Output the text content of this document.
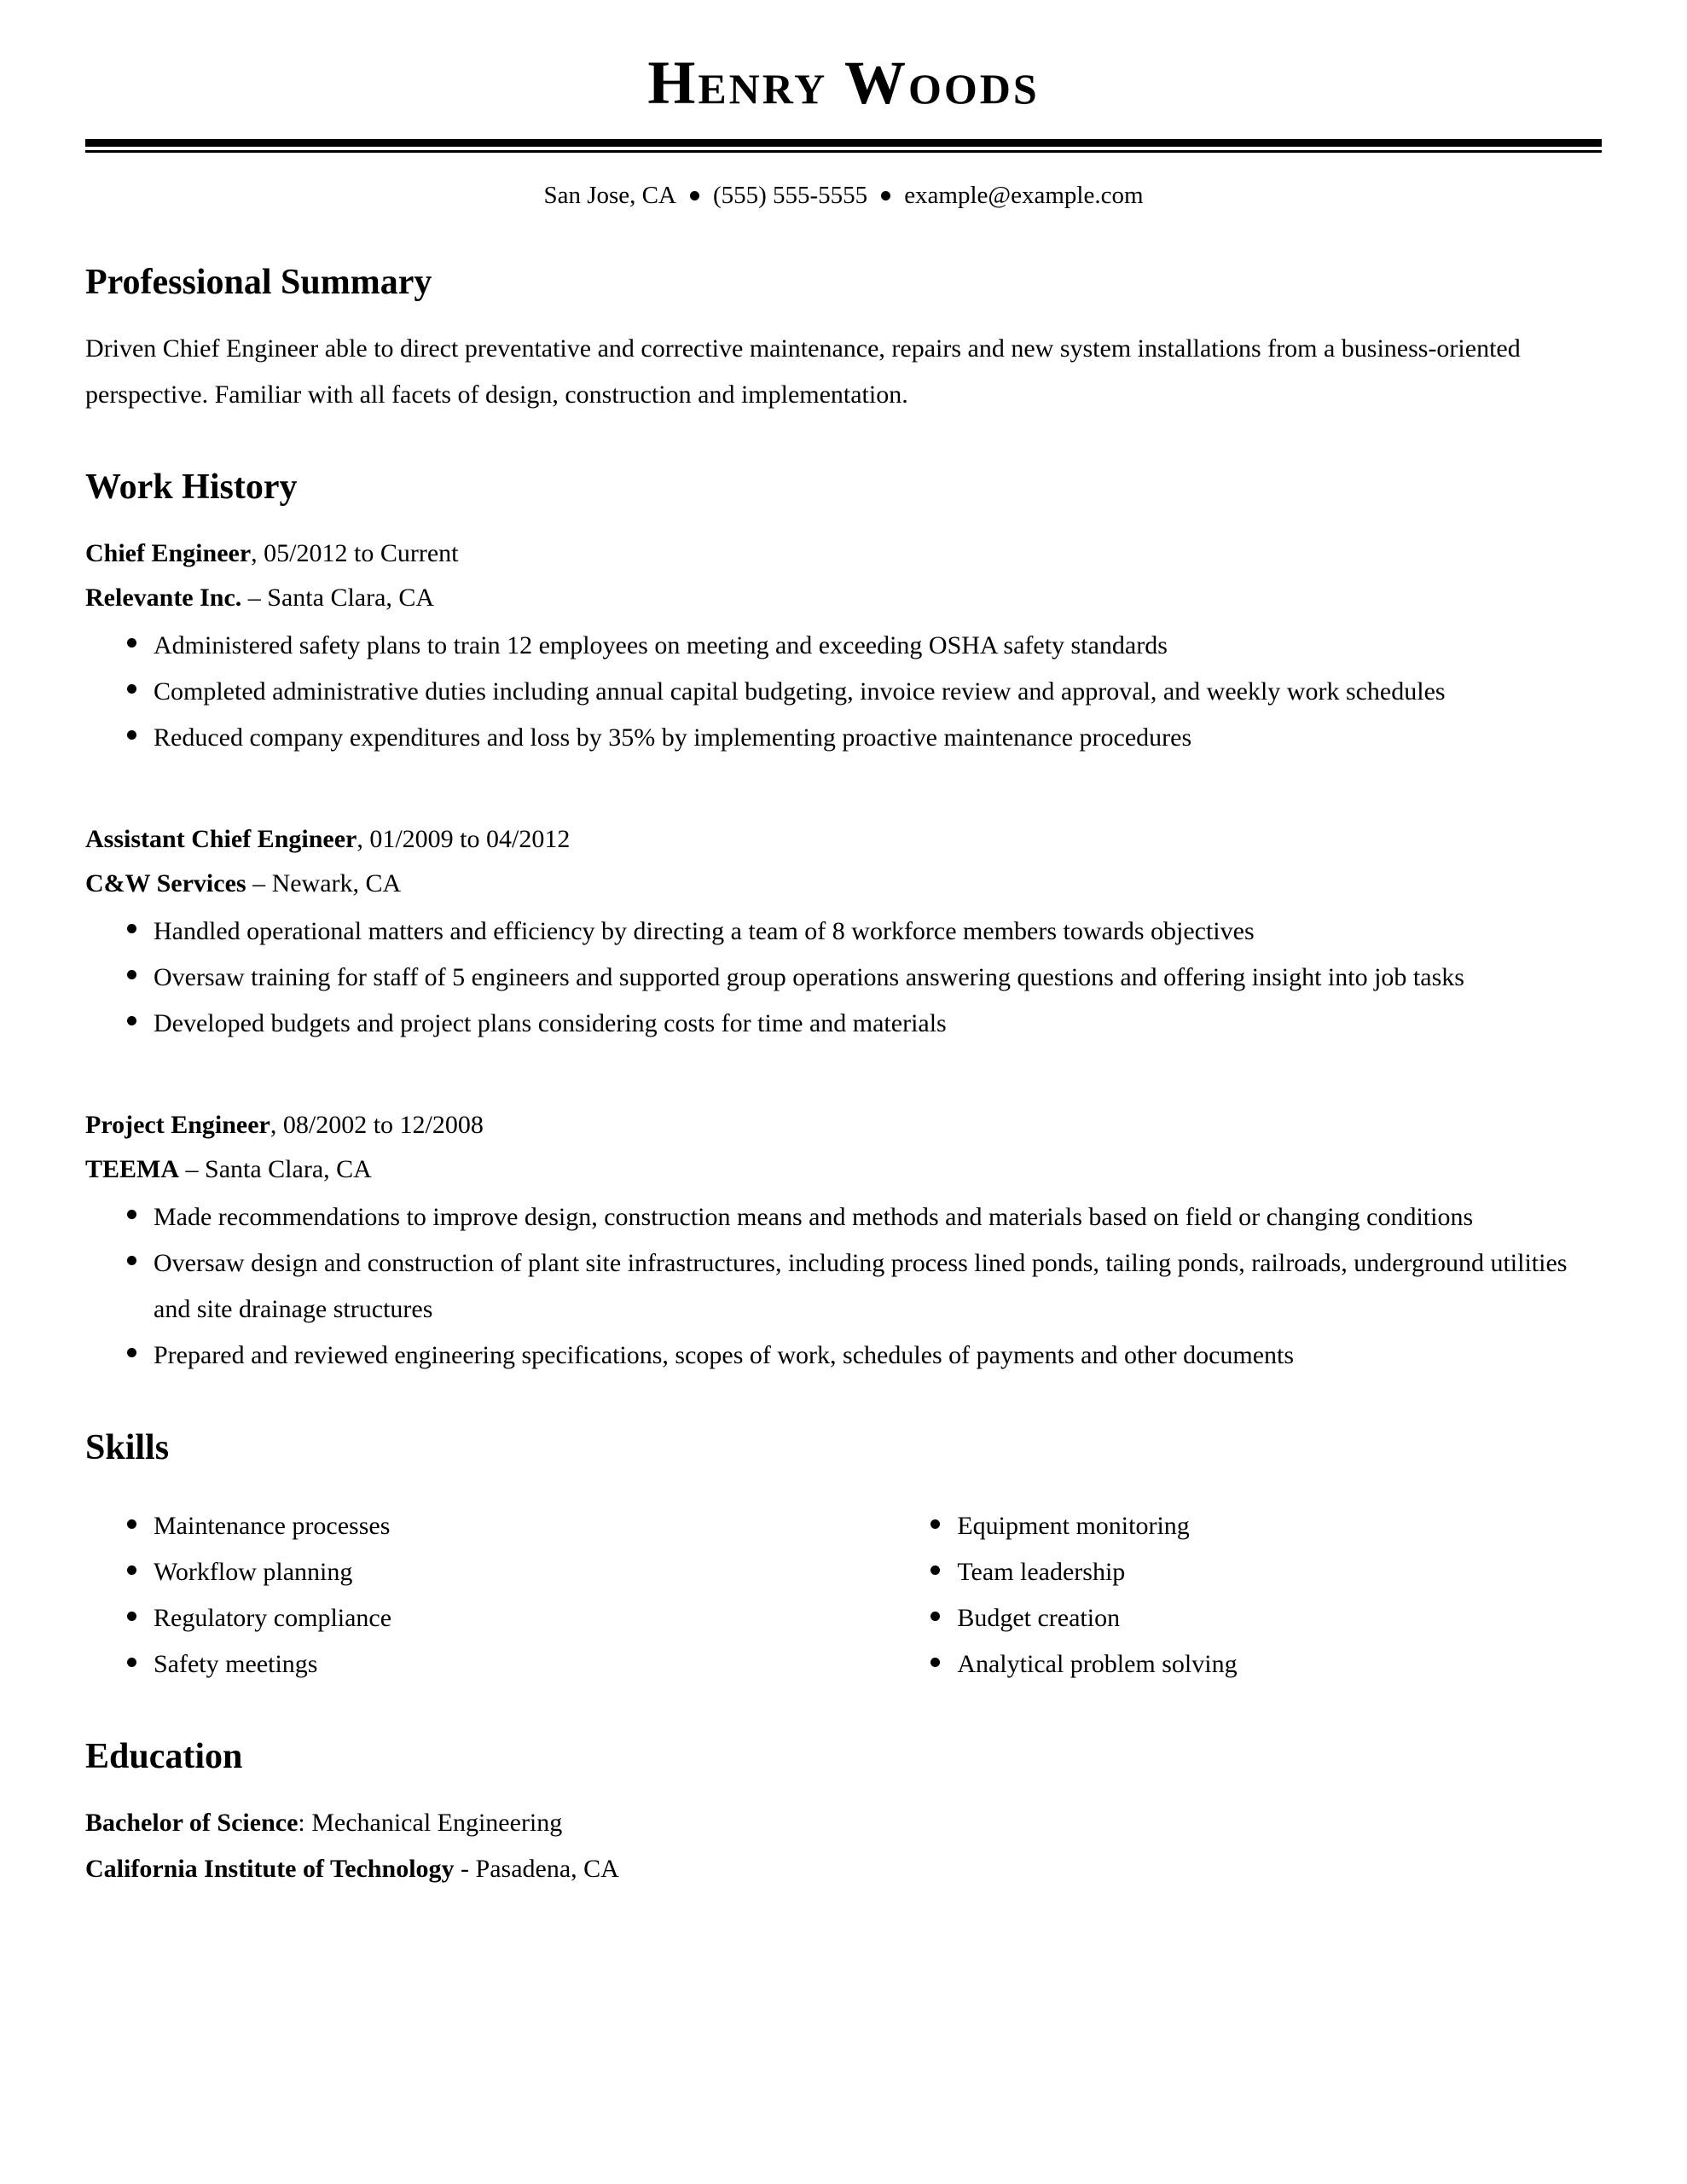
Henry Woods
San Jose, CA (555) 555-5555 example@example.com
Professional Summary

Driven Chief Engineer able to direct preventative and corrective maintenance, repairs and new system installations from a business-oriented perspective. Familiar with all facets of design, construction and implementation.

Work History

Chief Engineer, 05/2012 to Current

Relevante Inc. – Santa Clara, CA

Administered safety plans to train 12 employees on meeting and exceeding OSHA safety standards
Completed administrative duties including annual capital budgeting, invoice review and approval, and weekly work schedules
Reduced company expenditures and loss by 35% by implementing proactive maintenance procedures

Assistant Chief Engineer, 01/2009 to 04/2012

C&W Services – Newark, CA

Handled operational matters and efficiency by directing a team of 8 workforce members towards objectives
Oversaw training for staff of 5 engineers and supported group operations answering questions and offering insight into job tasks
Developed budgets and project plans considering costs for time and materials

Project Engineer, 08/2002 to 12/2008

TEEMA – Santa Clara, CA

Made recommendations to improve design, construction means and methods and materials based on field or changing conditions
Oversaw design and construction of plant site infrastructures, including process lined ponds, tailing ponds, railroads, underground utilities and site drainage structures
Prepared and reviewed engineering specifications, scopes of work, schedules of payments and other documents
Skills
Maintenance processes
Workflow planning
Regulatory compliance
Safety meetings
Equipment monitoring
Team leadership
Budget creation
Analytical problem solving
Education

Bachelor of Science: Mechanical Engineering

California Institute of Technology - Pasadena, CA
